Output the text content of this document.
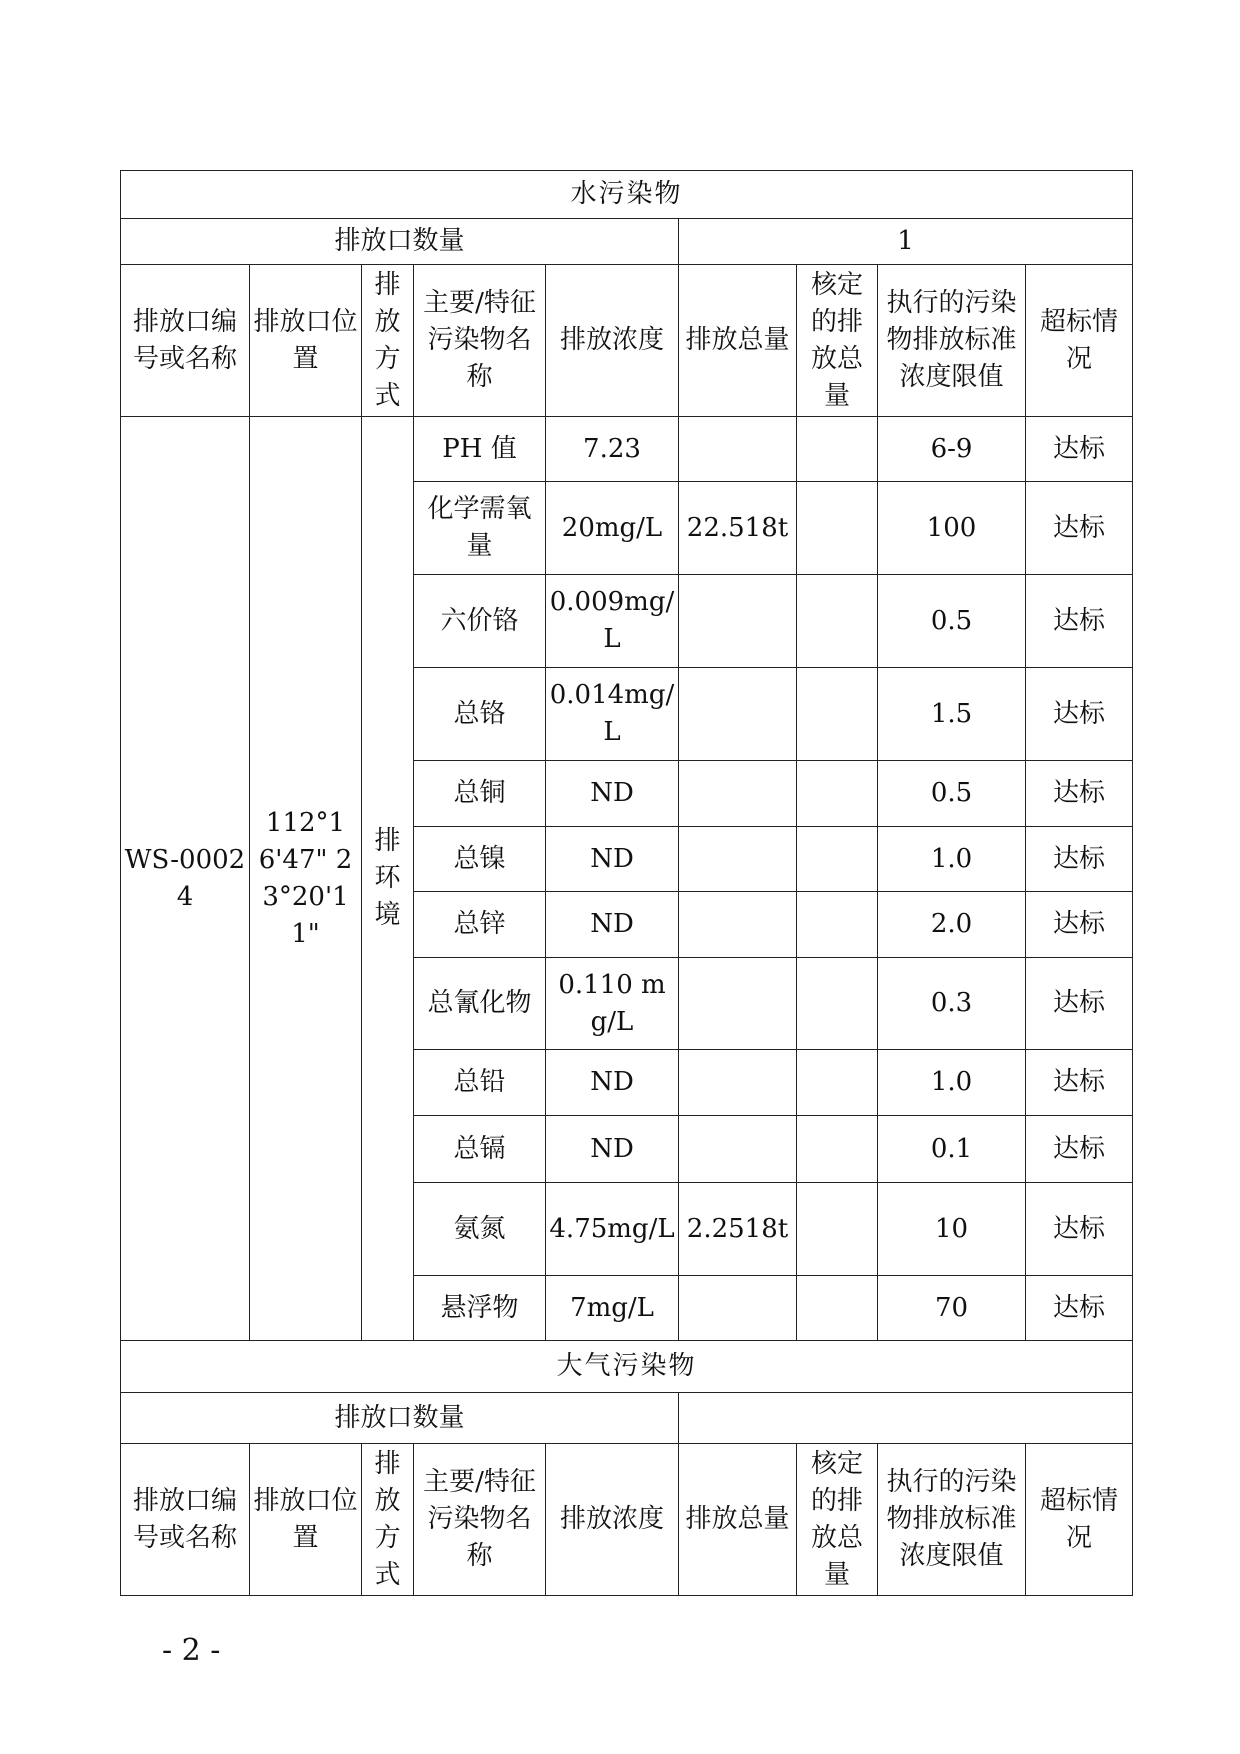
水污染物								
排放口数量					1			
排放口编号或名称	排放口位置	排放方式	主要/特征污染物名称	排放浓度	排放总量	核定的排放总量	执行的污染物排放标准浓度限值	超标情况
WS-00024	112°16'47" 23°20'11"	排环境	PH 值	7.23			6-9	达标
			化学需氧量	20mg/L	22.518t		100	达标
			六价铬	0.009mg/L			0.5	达标
			总铬	0.014mg/L			1.5	达标
			总铜	ND			0.5	达标
			总镍	ND			1.0	达标
			总锌	ND			2.0	达标
			总氰化物	0.110 mg/L			0.3	达标
			总铅	ND			1.0	达标
			总镉	ND			0.1	达标
			氨氮	4.75mg/L	2.2518t		10	达标
			悬浮物	7mg/L			70	达标
大气污染物								
排放口数量								
排放口编号或名称	排放口位置	排放方式	主要/特征污染物名称	排放浓度	排放总量	核定的排放总量	执行的污染物排放标准浓度限值	超标情况
- 2 -
